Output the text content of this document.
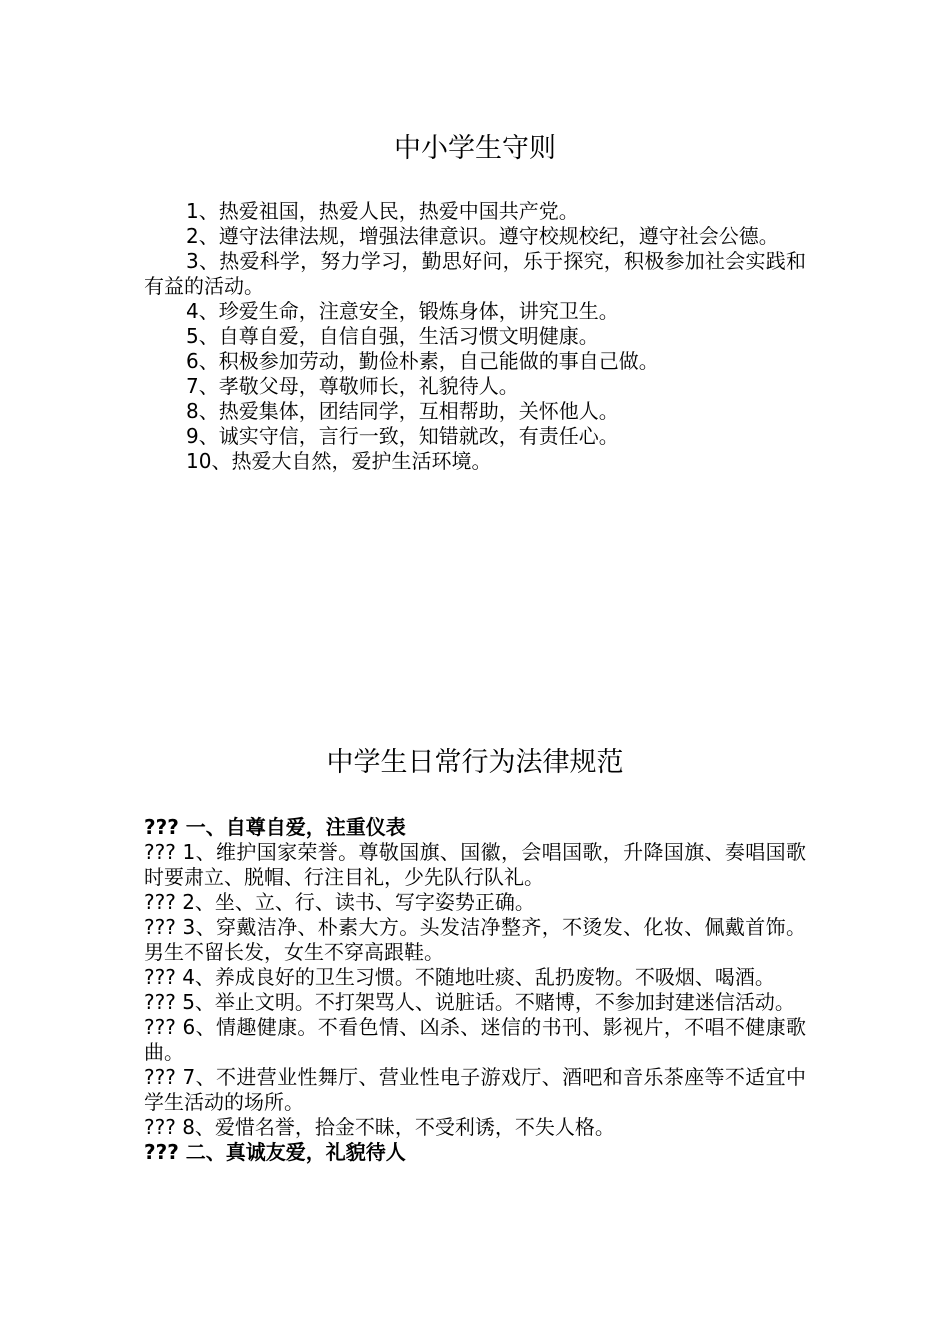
中小学生守则

1、热爱祖国，热爱人民，热爱中国共产党。

2、遵守法律法规，增强法律意识。遵守校规校纪，遵守社会公德。

3、热爱科学，努力学习，勤思好问，乐于探究，积极参加社会实践和有益的活动。

4、珍爱生命，注意安全，锻炼身体，讲究卫生。

5、自尊自爱，自信自强，生活习惯文明健康。

6、积极参加劳动，勤俭朴素，自己能做的事自己做。

7、孝敬父母，尊敬师长，礼貌待人。

8、热爱集体，团结同学，互相帮助，关怀他人。

9、诚实守信，言行一致，知错就改，有责任心。

10、热爱大自然，爱护生活环境。

中学生日常行为法律规范

??? 一、自尊自爱，注重仪表

??? 1、维护国家荣誉。尊敬国旗、国徽，会唱国歌，升降国旗、奏唱国歌时要肃立、脱帽、行注目礼，少先队行队礼。

??? 2、坐、立、行、读书、写字姿势正确。

??? 3、穿戴洁净、朴素大方。头发洁净整齐，不烫发、化妆、佩戴首饰。男生不留长发，女生不穿高跟鞋。

??? 4、养成良好的卫生习惯。不随地吐痰、乱扔废物。不吸烟、喝酒。

??? 5、举止文明。不打架骂人、说脏话。不赌博，不参加封建迷信活动。

??? 6、情趣健康。不看色情、凶杀、迷信的书刊、影视片，不唱不健康歌曲。

??? 7、不进营业性舞厅、营业性电子游戏厅、酒吧和音乐茶座等不适宜中学生活动的场所。

??? 8、爱惜名誉，拾金不昧，不受利诱，不失人格。

??? 二、真诚友爱，礼貌待人
